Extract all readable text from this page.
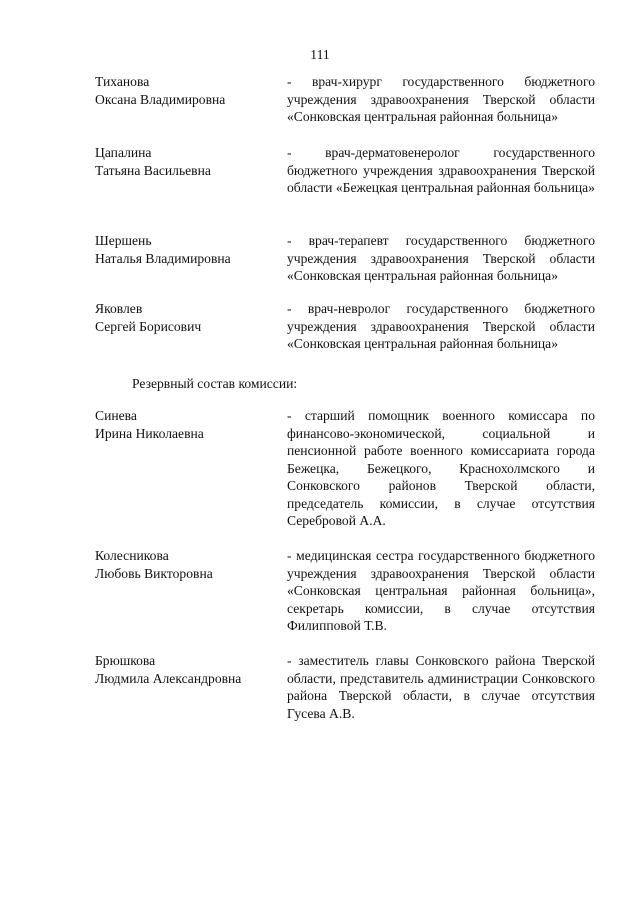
111
Тиханова
Оксана Владимировна
- врач-хирург государственного бюджетного учреждения здравоохранения Тверской области «Сонковская центральная районная больница»
Цапалина
Татьяна Васильевна
- врач-дерматовенеролог государственного бюджетного учреждения здравоохранения Тверской области «Бежецкая центральная районная больница»
Шершень
Наталья Владимировна
- врач-терапевт государственного бюджетного учреждения здравоохранения Тверской области «Сонковская центральная районная больница»
Яковлев
Сергей Борисович
- врач-невролог государственного бюджетного учреждения здравоохранения Тверской области «Сонковская центральная районная больница»
Резервный состав комиссии:
Синева
Ирина Николаевна
- старший помощник военного комиссара по финансово-экономической, социальной и пенсионной работе военного комиссариата города Бежецка, Бежецкого, Краснохолмского и Сонковского районов Тверской области, председатель комиссии, в случае отсутствия Серебровой А.А.
Колесникова
Любовь Викторовна
- медицинская сестра государственного бюджетного учреждения здравоохранения Тверской области «Сонковская центральная районная больница», секретарь комиссии, в случае отсутствия Филипповой Т.В.
Брюшкова
Людмила Александровна
- заместитель главы Сонковского района Тверской области, представитель администрации Сонковского района Тверской области, в случае отсутствия Гусева А.В.
